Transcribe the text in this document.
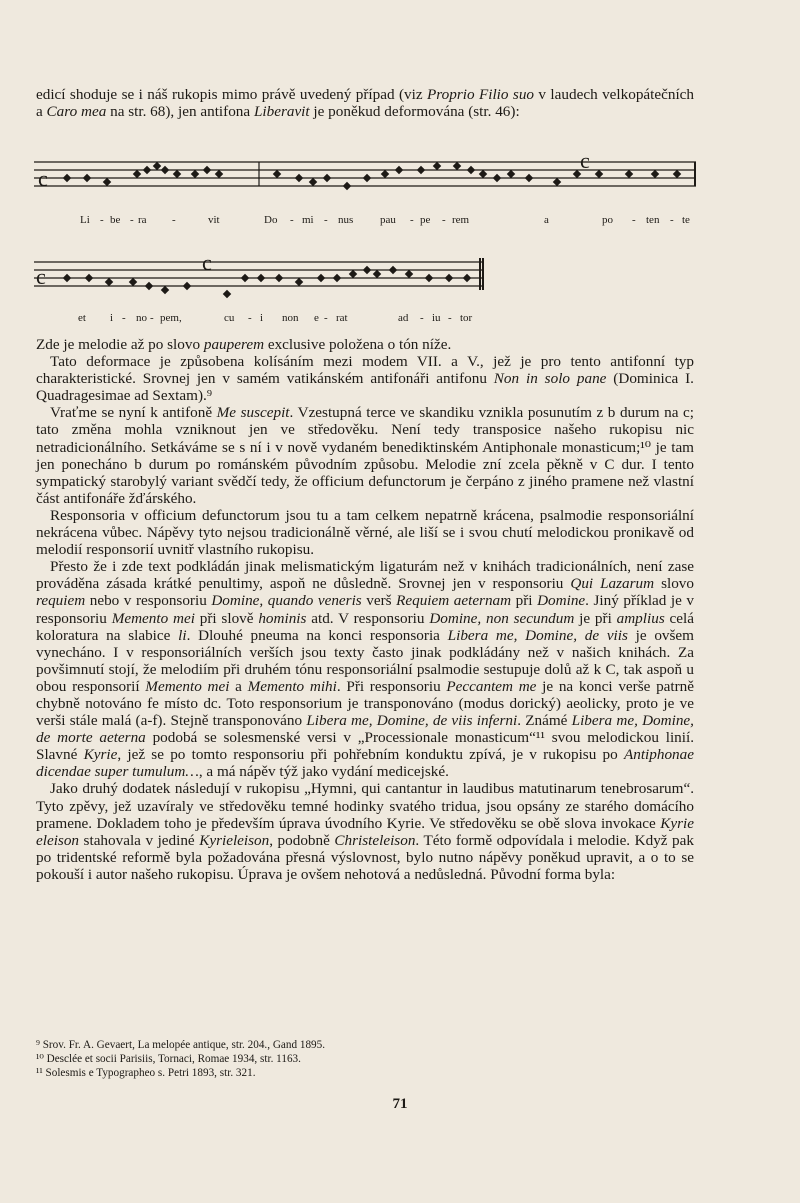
edicí shoduje se i náš rukopis mimo právě uvedený případ (viz Proprio Filio suo v laudech velkopátečních a Caro mea na str. 68), jen antifona Liberavit je poněkud deformována (str. 46):

c
c
Li - be - ra -	vit	Do - mi - nus pau - pe - rem	a	po - ten - te
c
c
et i - no - pem,	cu - i non e - rat	ad - iu - tor

Zde je melodie až po slovo pauperem exclusive položena o tón níže.

Tato deformace je způsobena kolísáním mezi modem VII. a V., jež je pro tento antifonní typ charakteristické. Srovnej jen v samém vatikánském antifonáři antifonu Non in solo pane (Dominica I. Quadragesimae ad Sextam).⁹

Vraťme se nyní k antifoně Me suscepit. Vzestupná terce ve skandiku vznikla posunutím z b durum na c; tato změna mohla vzniknout jen ve středověku. Není tedy transposice našeho rukopisu nic netradicionálního. Setkáváme se s ní i v nově vydaném benediktinském Antiphonale monasticum;¹⁰ je tam jen ponecháno b durum po románském původním způsobu. Melodie zní zcela pěkně v C dur. I tento sympatický starobylý variant svědčí tedy, že officium defunctorum je čerpáno z jiného pramene než vlastní část antifonáře žďárského.

Responsoria v officium defunctorum jsou tu a tam celkem nepatrně krácena, psalmodie responsoriální nekrácena vůbec. Nápěvy tyto nejsou tradicionálně věrné, ale liší se i svou chutí melodickou pronikavě od melodií responsorií uvnitř vlastního rukopisu.

Přesto že i zde text podkládán jinak melismatickým ligaturám než v knihách tradicionálních, není zase prováděna zásada krátké penultimy, aspoň ne důsledně. Srovnej jen v responsoriu Qui Lazarum slovo requiem nebo v responsoriu Domine, quando veneris verš Requiem aeternam při Domine. Jiný příklad je v responsoriu Memento mei při slově hominis atd. V responsoriu Domine, non secundum je při amplius celá koloratura na slabice li. Dlouhé pneuma na konci responsoria Libera me, Domine, de viis je ovšem vynecháno. I v responsoriálních verších jsou texty často jinak podkládány než v našich knihách. Za povšimnutí stojí, že melodiím při druhém tónu responsoriální psalmodie sestupuje dolů až k C, tak aspoň u obou responsorií Memento mei a Memento mihi. Při responsoriu Peccantem me je na konci verše patrně chybně notováno fe místo dc. Toto responsorium je transponováno (modus dorický) aeolicky, proto je ve verši stále malá (a-f). Stejně transponováno Libera me, Domine, de viis inferni. Známé Libera me, Domine, de morte aeterna podobá se solesmenské versi v „Processionale monasticum“¹¹ svou melodickou linií. Slavné Kyrie, jež se po tomto responsoriu při pohřebním konduktu zpívá, je v rukopisu po Antiphonae dicendae super tumulum…, a má nápěv týž jako vydání medicejské.

Jako druhý dodatek následují v rukopisu „Hymni, qui cantantur in laudibus matutinarum tenebrosarum“. Tyto zpěvy, jež uzavíraly ve středověku temné hodinky svatého tridua, jsou opsány ze starého domácího pramene. Dokladem toho je především úprava úvodního Kyrie. Ve středověku se obě slova invokace Kyrie eleison stahovala v jediné Kyrieleison, podobně Christeleison. Této formě odpovídala i melodie. Když pak po tridentské reformě byla požadována přesná výslovnost, bylo nutno nápěvy poněkud upravit, a o to se pokouší i autor našeho rukopisu. Úprava je ovšem nehotová a nedůsledná. Původní forma byla:

⁹ Srov. Fr. A. Gevaert, La melopée antique, str. 204., Gand 1895.
¹⁰ Desclée et socii Parisiis, Tornaci, Romae 1934, str. 1163.
¹¹ Solesmis e Typographeo s. Petri 1893, str. 321.
71
